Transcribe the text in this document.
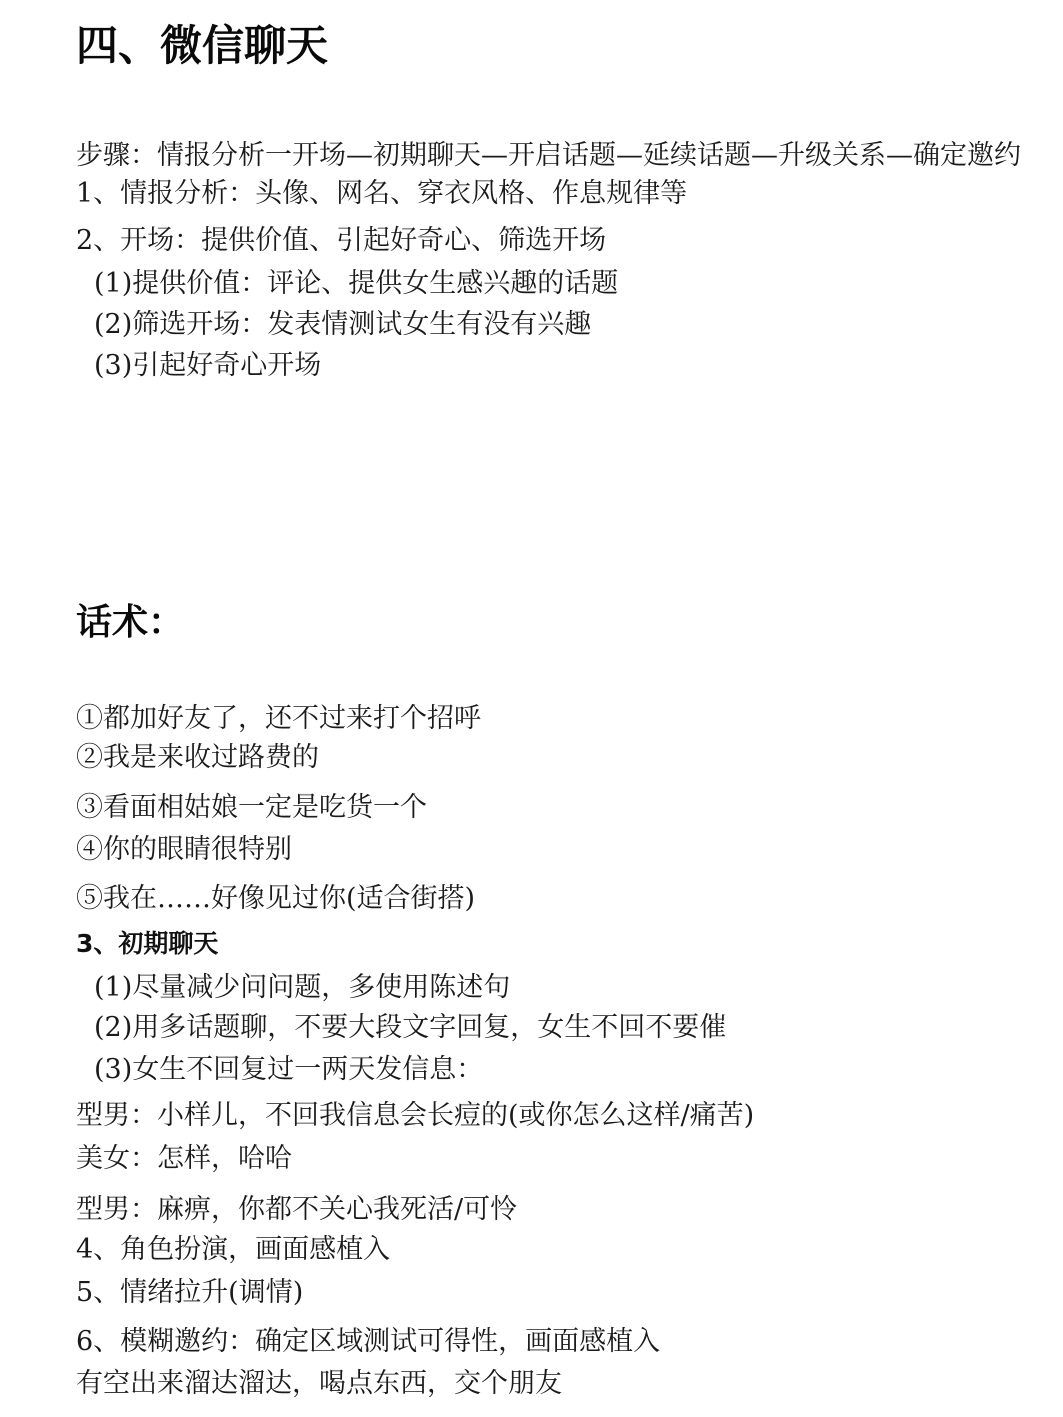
四、微信聊天
步骤：情报分析一开场—初期聊天—开启话题—延续话题—升级关系—确定邀约
1、情报分析：头像、网名、穿衣风格、作息规律等
2、开场：提供价值、引起好奇心、筛选开场
(1)提供价值：评论、提供女生感兴趣的话题
(2)筛选开场：发表情测试女生有没有兴趣
(3)引起好奇心开场
话术：
①都加好友了，还不过来打个招呼
②我是来收过路费的
③看面相姑娘一定是吃货一个
④你的眼睛很特别
⑤我在……好像见过你(适合街搭)
3、初期聊天
(1)尽量减少问问题，多使用陈述句
(2)用多话题聊，不要大段文字回复，女生不回不要催
(3)女生不回复过一两天发信息：
型男：小样儿，不回我信息会长痘的(或你怎么这样/痛苦)
美女：怎样，哈哈
型男：麻痹，你都不关心我死活/可怜
4、角色扮演，画面感植入
5、情绪拉升(调情)
6、模糊邀约：确定区域测试可得性，画面感植入
有空出来溜达溜达，喝点东西，交个朋友
